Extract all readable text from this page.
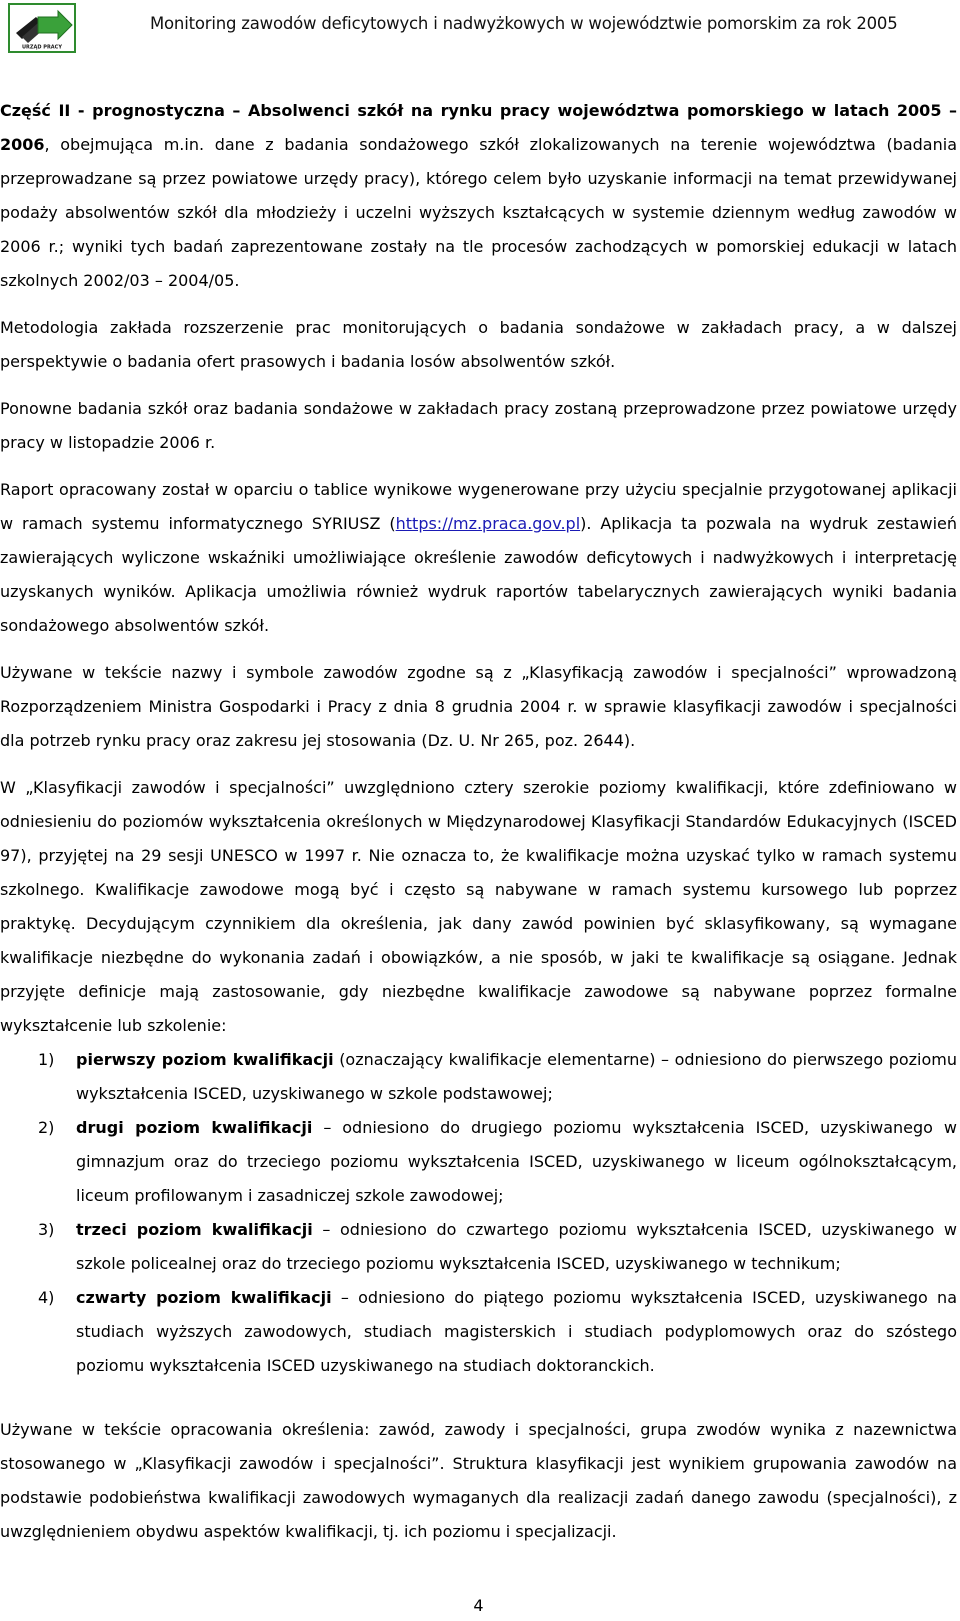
URZĄD PRACY
Monitoring zawodów deficytowych i nadwyżkowych w województwie pomorskim za rok 2005

Część II - prognostyczna – Absolwenci szkół na rynku pracy województwa pomorskiego w latach 2005 – 2006, obejmująca m.in. dane z badania sondażowego szkół zlokalizowanych na terenie województwa (badania przeprowadzane są przez powiatowe urzędy pracy), którego celem było uzyskanie informacji na temat przewidywanej podaży absolwentów szkół dla młodzieży i uczelni wyższych kształcących w systemie dziennym według zawodów w 2006 r.; wyniki tych badań zaprezentowane zostały na tle procesów zachodzących w pomorskiej edukacji w latach szkolnych 2002/03 – 2004/05.

Metodologia zakłada rozszerzenie prac monitorujących o badania sondażowe w zakładach pracy, a w dalszej perspektywie o badania ofert prasowych i badania losów absolwentów szkół.

Ponowne badania szkół oraz badania sondażowe w zakładach pracy zostaną przeprowadzone przez powiatowe urzędy pracy w listopadzie 2006 r.

Raport opracowany został w oparciu o tablice wynikowe wygenerowane przy użyciu specjalnie przygotowanej aplikacji w ramach systemu informatycznego SYRIUSZ (https://mz.praca.gov.pl). Aplikacja ta pozwala na wydruk zestawień zawierających wyliczone wskaźniki umożliwiające określenie zawodów deficytowych i nadwyżkowych i interpretację uzyskanych wyników. Aplikacja umożliwia również wydruk raportów tabelarycznych zawierających wyniki badania sondażowego absolwentów szkół.

Używane w tekście nazwy i symbole zawodów zgodne są z „Klasyfikacją zawodów i specjalności” wprowadzoną Rozporządzeniem Ministra Gospodarki i Pracy z dnia 8 grudnia 2004 r. w sprawie klasyfikacji zawodów i specjalności dla potrzeb rynku pracy oraz zakresu jej stosowania (Dz. U. Nr 265, poz. 2644).

W „Klasyfikacji zawodów i specjalności” uwzględniono cztery szerokie poziomy kwalifikacji, które zdefiniowano w odniesieniu do poziomów wykształcenia określonych w Międzynarodowej Klasyfikacji Standardów Edukacyjnych (ISCED 97), przyjętej na 29 sesji UNESCO w 1997 r. Nie oznacza to, że kwalifikacje można uzyskać tylko w ramach systemu szkolnego. Kwalifikacje zawodowe mogą być i często są nabywane w ramach systemu kursowego lub poprzez praktykę. Decydującym czynnikiem dla określenia, jak dany zawód powinien być sklasyfikowany, są wymagane kwalifikacje niezbędne do wykonania zadań i obowiązków, a nie sposób, w jaki te kwalifikacje są osiągane. Jednak przyjęte definicje mają zastosowanie, gdy niezbędne kwalifikacje zawodowe są nabywane poprzez formalne wykształcenie lub szkolenie:

1) pierwszy poziom kwalifikacji (oznaczający kwalifikacje elementarne) – odniesiono do pierwszego poziomu wykształcenia ISCED, uzyskiwanego w szkole podstawowej;
2) drugi poziom kwalifikacji – odniesiono do drugiego poziomu wykształcenia ISCED, uzyskiwanego w gimnazjum oraz do trzeciego poziomu wykształcenia ISCED, uzyskiwanego w liceum ogólnokształcącym, liceum profilowanym i zasadniczej szkole zawodowej;
3) trzeci poziom kwalifikacji – odniesiono do czwartego poziomu wykształcenia ISCED, uzyskiwanego w szkole policealnej oraz do trzeciego poziomu wykształcenia ISCED, uzyskiwanego w technikum;
4) czwarty poziom kwalifikacji – odniesiono do piątego poziomu wykształcenia ISCED, uzyskiwanego na studiach wyższych zawodowych, studiach magisterskich i studiach podyplomowych oraz do szóstego poziomu wykształcenia ISCED uzyskiwanego na studiach doktoranckich.

Używane w tekście opracowania określenia: zawód, zawody i specjalności, grupa zwodów wynika z nazewnictwa stosowanego w „Klasyfikacji zawodów i specjalności”. Struktura klasyfikacji jest wynikiem grupowania zawodów na podstawie podobieństwa kwalifikacji zawodowych wymaganych dla realizacji zadań danego zawodu (specjalności), z uwzględnieniem obydwu aspektów kwalifikacji, tj. ich poziomu i specjalizacji.

4
